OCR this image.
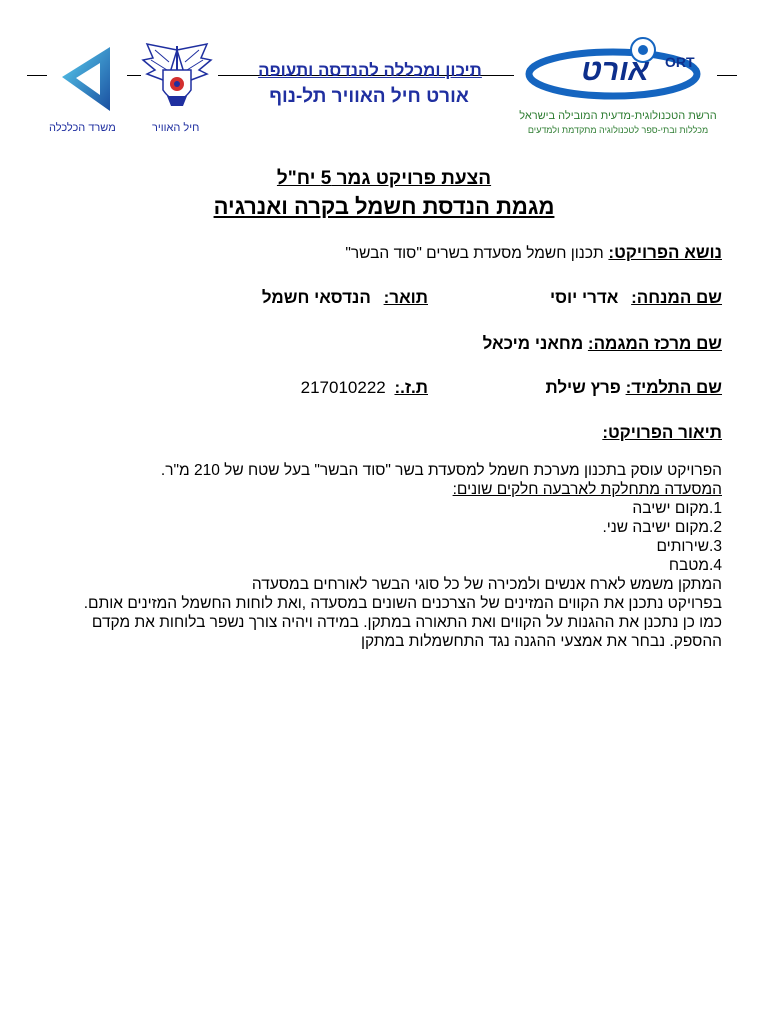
משרד הכלכלה	חיל האוויר
תיכון ומכללה להנדסה ותעופה
אורט חיל האוויר תל-נוף
אורט	ORT
הרשת הטכנולוגית-מדעית המובילה בישראל
מכללות ובתי-ספר לטכנולוגיה מתקדמת ולמדעים
הצעת פרויקט גמר 5 יח"ל
מגמת הנדסת חשמל בקרה ואנרגיה
נושא הפרויקט: תכנון חשמל מסעדת בשרים "סוד הבשר"
שם המנחה: אדרי יוסי
תואר: הנדסאי חשמל
שם מרכז המגמה: מחאני מיכאל
שם התלמיד: פרץ שילת
ת.ז.: 217010222
תיאור הפרויקט:
הפרויקט עוסק בתכנון מערכת חשמל למסעדת בשר "סוד הבשר" בעל שטח של 210 מ"ר.
המסעדה מתחלקת לארבעה חלקים שונים:
1.מקום ישיבה
2.מקום ישיבה שני.
3.שירותים
4.מטבח
המתקן משמש לארח אנשים ולמכירה של כל סוגי הבשר לאורחים במסעדה
בפרויקט נתכנן את הקווים המזינים של הצרכנים השונים במסעדה ,ואת לוחות החשמל המזינים אותם.
כמו כן נתכנן את ההגנות על הקווים ואת התאורה במתקן. במידה ויהיה צורך נשפר בלוחות את מקדם
ההספק. נבחר את אמצעי ההגנה נגד התחשמלות במתקן
